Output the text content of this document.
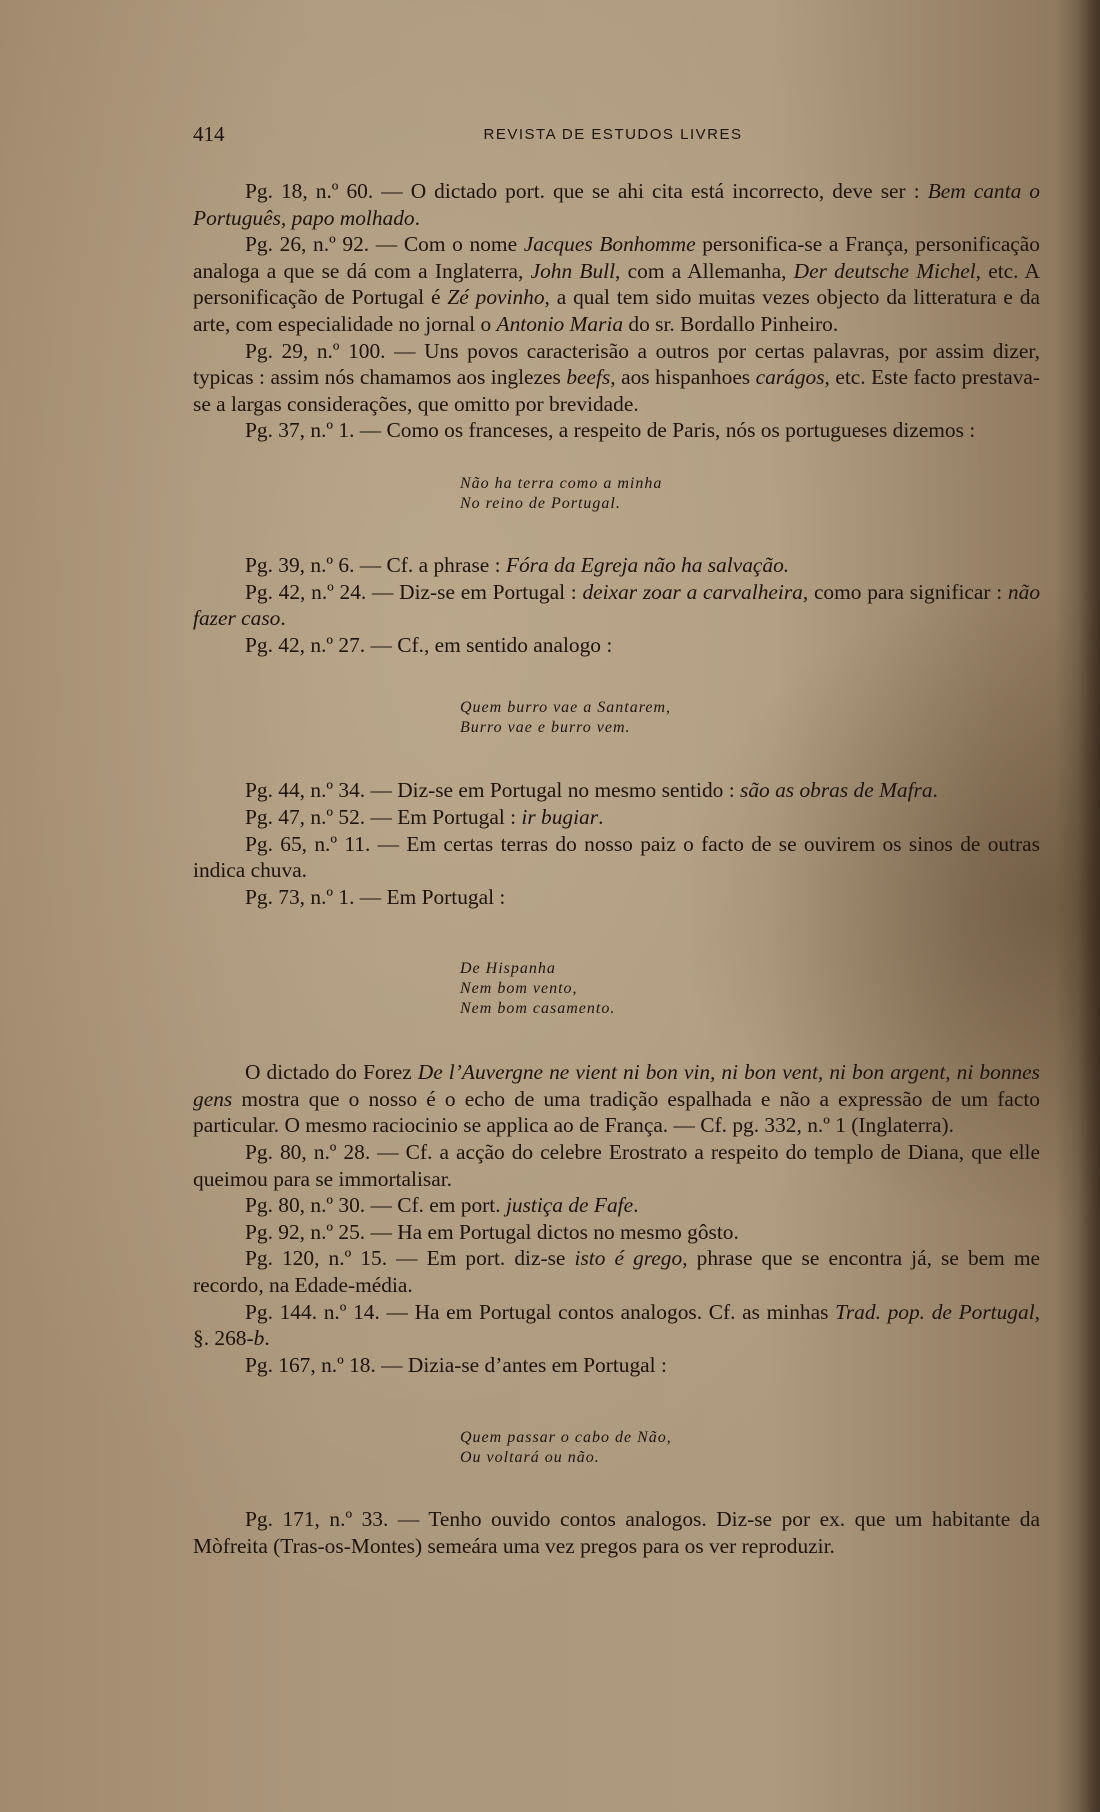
414	REVISTA DE ESTUDOS LIVRES

Pg. 18, n.º 60. — O dictado port. que se ahi cita está incorrecto, deve ser : Bem canta o Português, papo molhado.

Pg. 26, n.º 92. — Com o nome Jacques Bonhomme personifica-se a França, personificação analoga a que se dá com a Inglaterra, John Bull, com a Allemanha, Der deutsche Michel, etc. A personificação de Portugal é Zé povinho, a qual tem sido muitas vezes objecto da litteratura e da arte, com especialidade no jornal o Antonio Maria do sr. Bordallo Pinheiro.

Pg. 29, n.º 100. — Uns povos caracterisão a outros por certas palavras, por assim dizer, typicas : assim nós chamamos aos inglezes beefs, aos hispanhoes carágos, etc. Este facto prestava-se a largas considerações, que omitto por brevidade.

Pg. 37, n.º 1. — Como os franceses, a respeito de Paris, nós os portugueses dizemos :

Não ha terra como a minha
No reino de Portugal.

Pg. 39, n.º 6. — Cf. a phrase : Fóra da Egreja não ha salvação.

Pg. 42, n.º 24. — Diz-se em Portugal : deixar zoar a carvalheira, como para significar : não fazer caso.

Pg. 42, n.º 27. — Cf., em sentido analogo :

Quem burro vae a Santarem,
Burro vae e burro vem.

Pg. 44, n.º 34. — Diz-se em Portugal no mesmo sentido : são as obras de Mafra.

Pg. 47, n.º 52. — Em Portugal : ir bugiar.

Pg. 65, n.º 11. — Em certas terras do nosso paiz o facto de se ouvirem os sinos de outras indica chuva.

Pg. 73, n.º 1. — Em Portugal :

De Hispanha
Nem bom vento,
Nem bom casamento.

O dictado do Forez De l’Auvergne ne vient ni bon vin, ni bon vent, ni bon argent, ni bonnes gens mostra que o nosso é o echo de uma tradição espalhada e não a expressão de um facto particular. O mesmo raciocinio se applica ao de França. — Cf. pg. 332, n.º 1 (Inglaterra).

Pg. 80, n.º 28. — Cf. a acção do celebre Erostrato a respeito do templo de Diana, que elle queimou para se immortalisar.

Pg. 80, n.º 30. — Cf. em port. justiça de Fafe.

Pg. 92, n.º 25. — Ha em Portugal dictos no mesmo gôsto.

Pg. 120, n.º 15. — Em port. diz-se isto é grego, phrase que se encontra já, se bem me recordo, na Edade-média.

Pg. 144. n.º 14. — Ha em Portugal contos analogos. Cf. as minhas Trad. pop. de Portugal, §. 268-b.

Pg. 167, n.º 18. — Dizia-se d’antes em Portugal :

Quem passar o cabo de Não,
Ou voltará ou não.

Pg. 171, n.º 33. — Tenho ouvido contos analogos. Diz-se por ex. que um habitante da Mòfreita (Tras-os-Montes) semeára uma vez pregos para os ver reproduzir.
